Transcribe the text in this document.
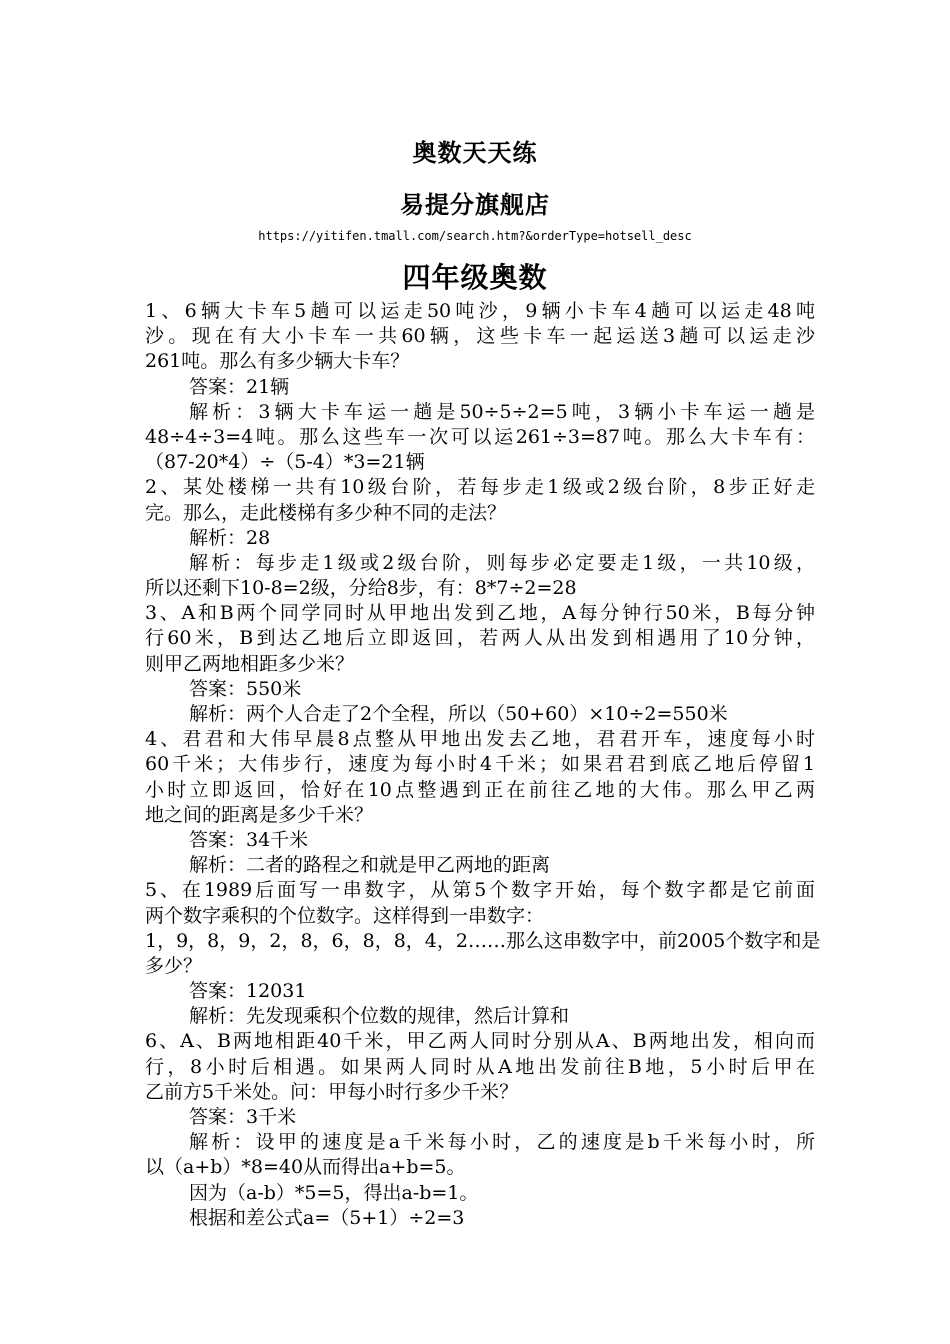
奥数天天练
易提分旗舰店
https://yitifen.tmall.com/search.htm?&orderType=hotsell_desc
四年级奥数
1、6辆大卡车5趟可以运走50吨沙，9辆小卡车4趟可以运走48吨
沙。现在有大小卡车一共60辆，这些卡车一起运送3趟可以运走沙
261吨。那么有多少辆大卡车？
答案：21辆
解析：3辆大卡车运一趟是50÷5÷2=5吨，3辆小卡车运一趟是
48÷4÷3=4吨。那么这些车一次可以运261÷3=87吨。那么大卡车有：
（87-20*4）÷（5-4）*3=21辆
2、某处楼梯一共有10级台阶，若每步走1级或2级台阶，8步正好走
完。那么，走此楼梯有多少种不同的走法？
解析：28
解析：每步走1级或2级台阶，则每步必定要走1级，一共10级，
所以还剩下10-8=2级，分给8步，有：8*7÷2=28
3、A和B两个同学同时从甲地出发到乙地，A每分钟行50米，B每分钟
行60米，B到达乙地后立即返回，若两人从出发到相遇用了10分钟，
则甲乙两地相距多少米？
答案：550米
解析：两个人合走了2个全程，所以（50+60）×10÷2=550米
4、君君和大伟早晨8点整从甲地出发去乙地，君君开车，速度每小时
60千米；大伟步行，速度为每小时4千米；如果君君到底乙地后停留1
小时立即返回，恰好在10点整遇到正在前往乙地的大伟。那么甲乙两
地之间的距离是多少千米？
答案：34千米
解析：二者的路程之和就是甲乙两地的距离
5、在1989后面写一串数字，从第5个数字开始，每个数字都是它前面
两个数字乘积的个位数字。这样得到一串数字：
1，9，8，9，2，8，6，8，8，4，2……那么这串数字中，前2005个数字和是
多少？
答案：12031
解析：先发现乘积个位数的规律，然后计算和
6、A、B两地相距40千米，甲乙两人同时分别从A、B两地出发，相向而
行，8小时后相遇。如果两人同时从A地出发前往B地，5小时后甲在
乙前方5千米处。问：甲每小时行多少千米？
答案：3千米
解析：设甲的速度是a千米每小时，乙的速度是b千米每小时，所
以（a+b）*8=40从而得出a+b=5。
因为（a-b）*5=5，得出a-b=1。
根据和差公式a=（5+1）÷2=3
